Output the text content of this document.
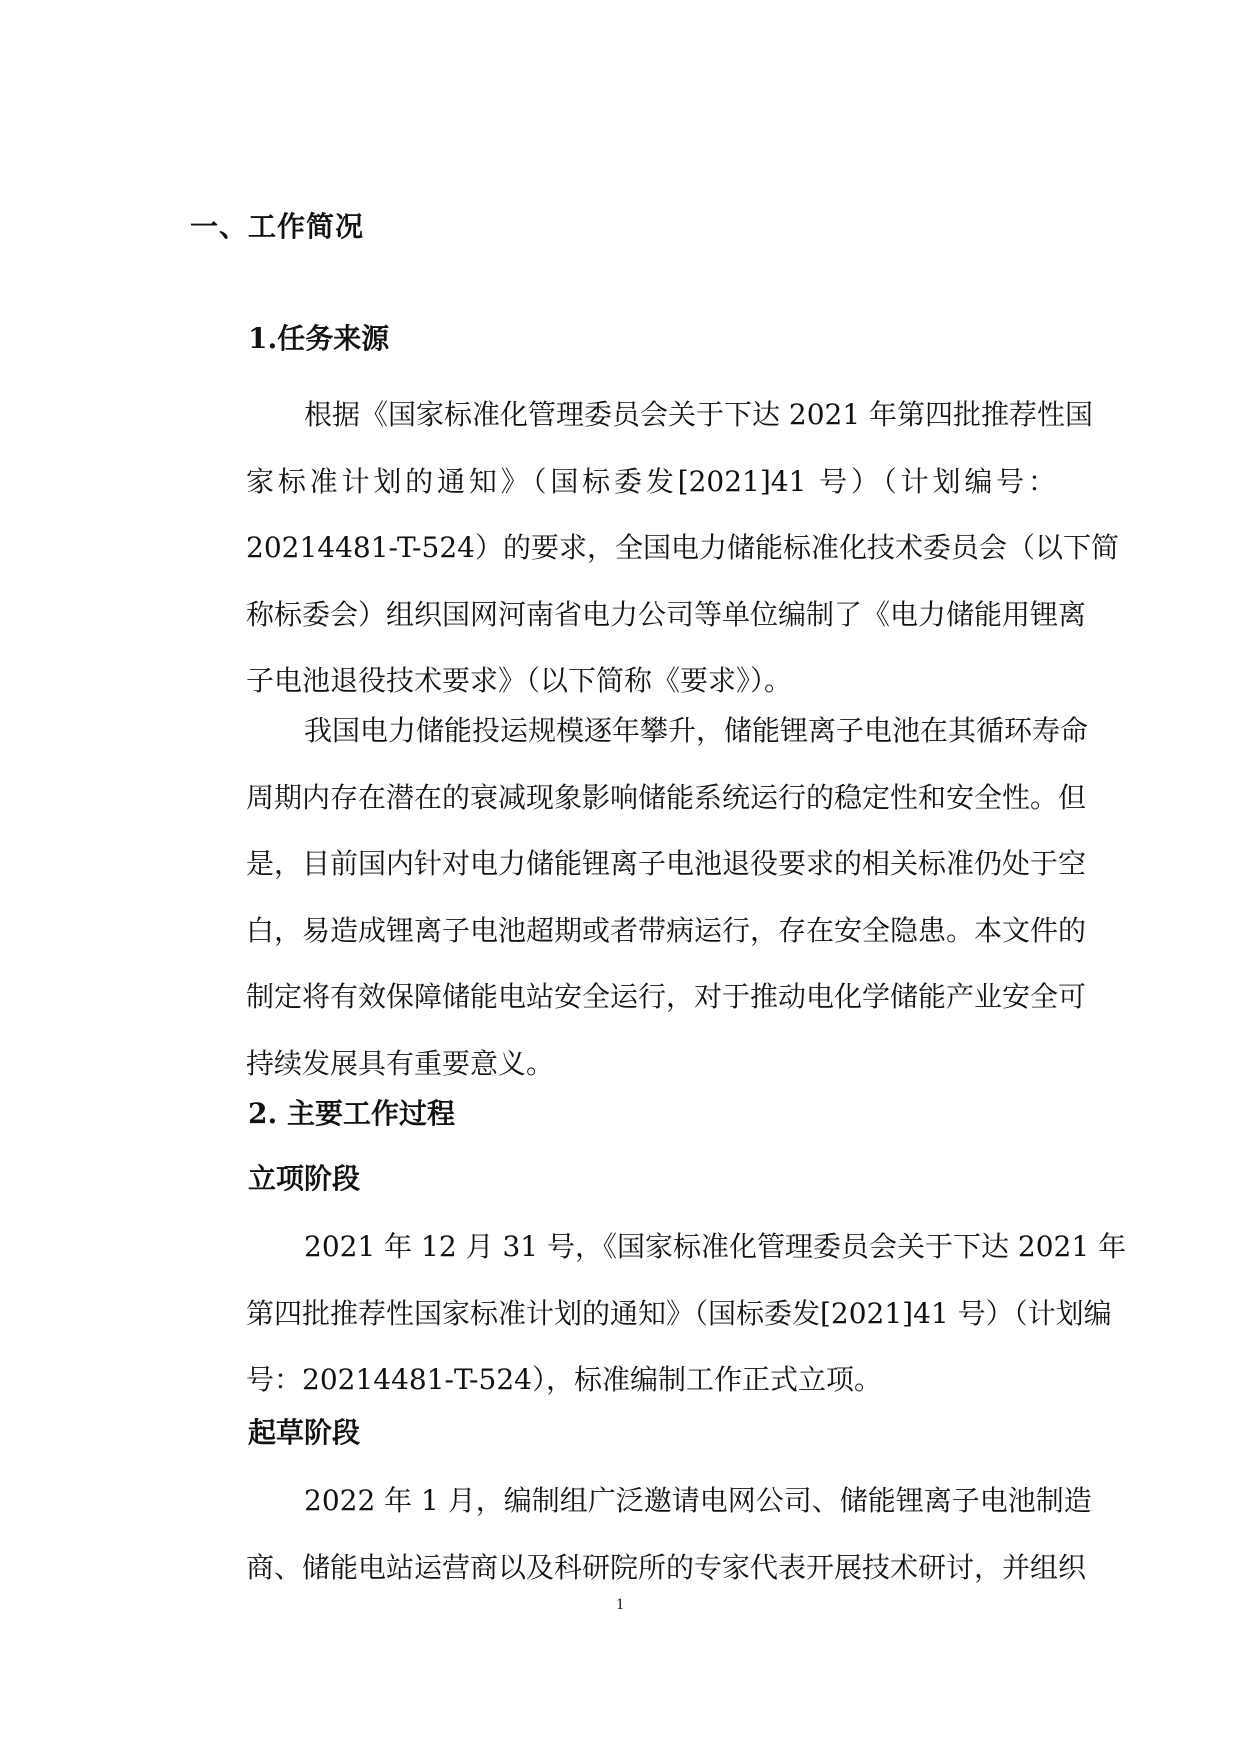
一、工作简况
1.任务来源
根据《国家标准化管理委员会关于下达 2021 年第四批推荐性国
家标准计划的通知》（国标委发[2021]41 号）（计划编号：
20214481-T-524）的要求，全国电力储能标准化技术委员会（以下简
称标委会）组织国网河南省电力公司等单位编制了《电力储能用锂离
子电池退役技术要求》（以下简称《要求》）。
我国电力储能投运规模逐年攀升，储能锂离子电池在其循环寿命
周期内存在潜在的衰减现象影响储能系统运行的稳定性和安全性。但
是，目前国内针对电力储能锂离子电池退役要求的相关标准仍处于空
白，易造成锂离子电池超期或者带病运行，存在安全隐患。本文件的
制定将有效保障储能电站安全运行，对于推动电化学储能产业安全可
持续发展具有重要意义。
2. 主要工作过程
立项阶段
2021 年 12 月 31 号，《国家标准化管理委员会关于下达 2021 年
第四批推荐性国家标准计划的通知》（国标委发[2021]41 号）（计划编
号：20214481-T-524），标准编制工作正式立项。
起草阶段
2022 年 1 月，编制组广泛邀请电网公司、储能锂离子电池制造
商、储能电站运营商以及科研院所的专家代表开展技术研讨，并组织
1
